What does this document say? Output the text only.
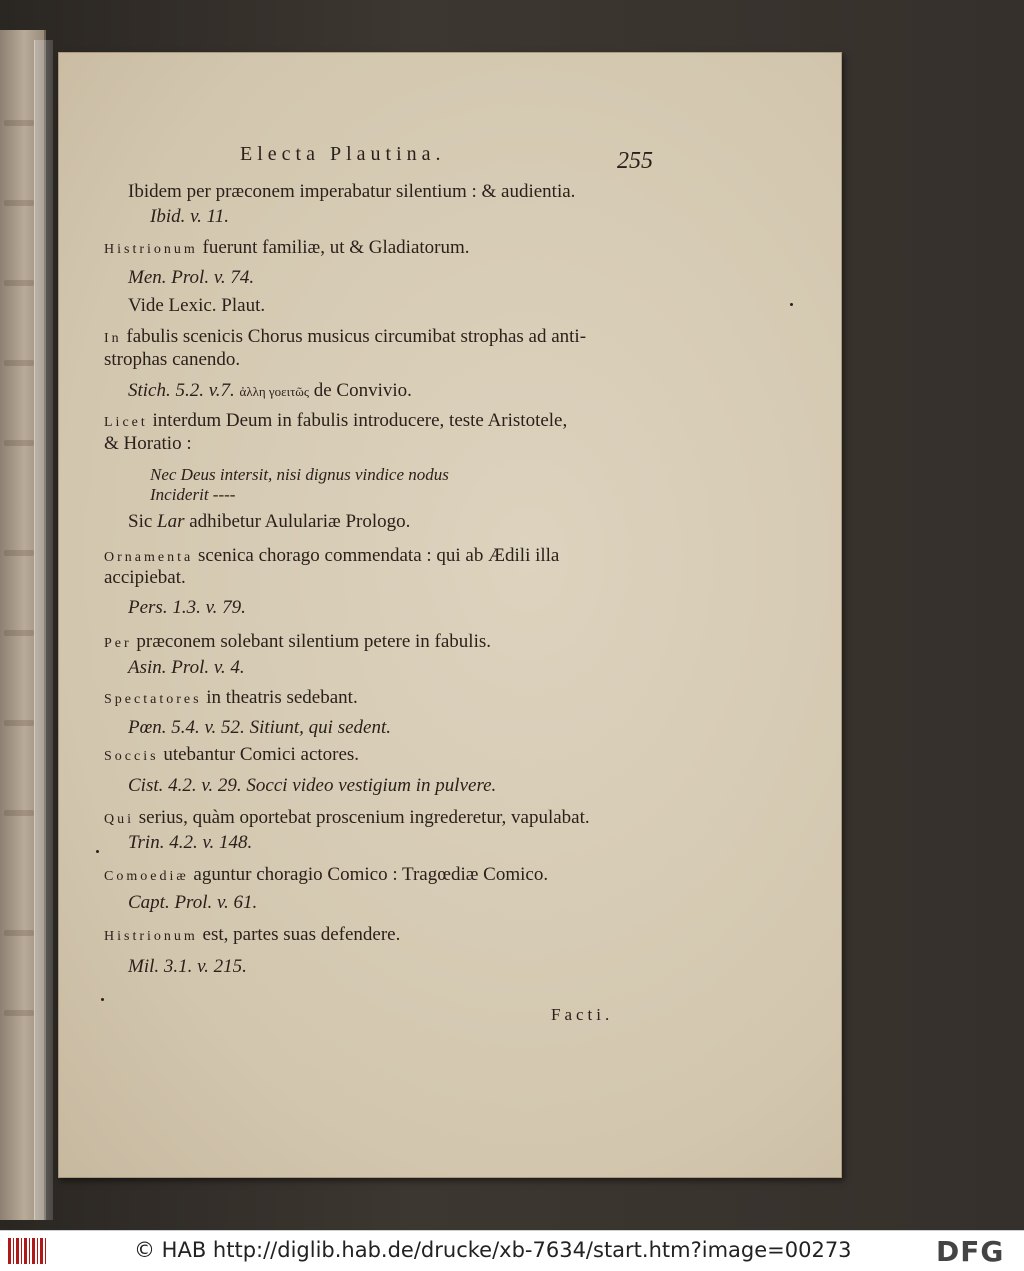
Electa Plautina.	255
Ibidem per præconem imperabatur silentium : & audientia.
Ibid. v. 11.
Histrionum fuerunt familiæ, ut & Gladiatorum.
Men. Prol. v. 74.
Vide Lexic. Plaut.
In fabulis scenicis Chorus musicus circumibat strophas ad anti-
strophas canendo.
Stich. 5.2. v.7. ἀλλη γοειτῶς de Convivio.
Licet interdum Deum in fabulis introducere, teste Aristotele,
& Horatio :
Nec Deus intersit, nisi dignus vindice nodus
Inciderit ----
Sic Lar adhibetur Aululariæ Prologo.
Ornamenta scenica chorago commendata : qui ab Ædili illa
accipiebat.
Pers. 1.3. v. 79.
Per præconem solebant silentium petere in fabulis.
Asin. Prol. v. 4.
Spectatores in theatris sedebant.
Pœn. 5.4. v. 52. Sitiunt, qui sedent.
Soccis utebantur Comici actores.
Cist. 4.2. v. 29. Socci video vestigium in pulvere.
Qui serius, quàm oportebat proscenium ingrederetur, vapulabat.
Trin. 4.2. v. 148.
Comoediæ aguntur choragio Comico : Tragœdiæ Comico.
Capt. Prol. v. 61.
Histrionum est, partes suas defendere.
Mil. 3.1. v. 215.
Facti.
© HAB http://diglib.hab.de/drucke/xb-7634/start.htm?image=00273	DFG
